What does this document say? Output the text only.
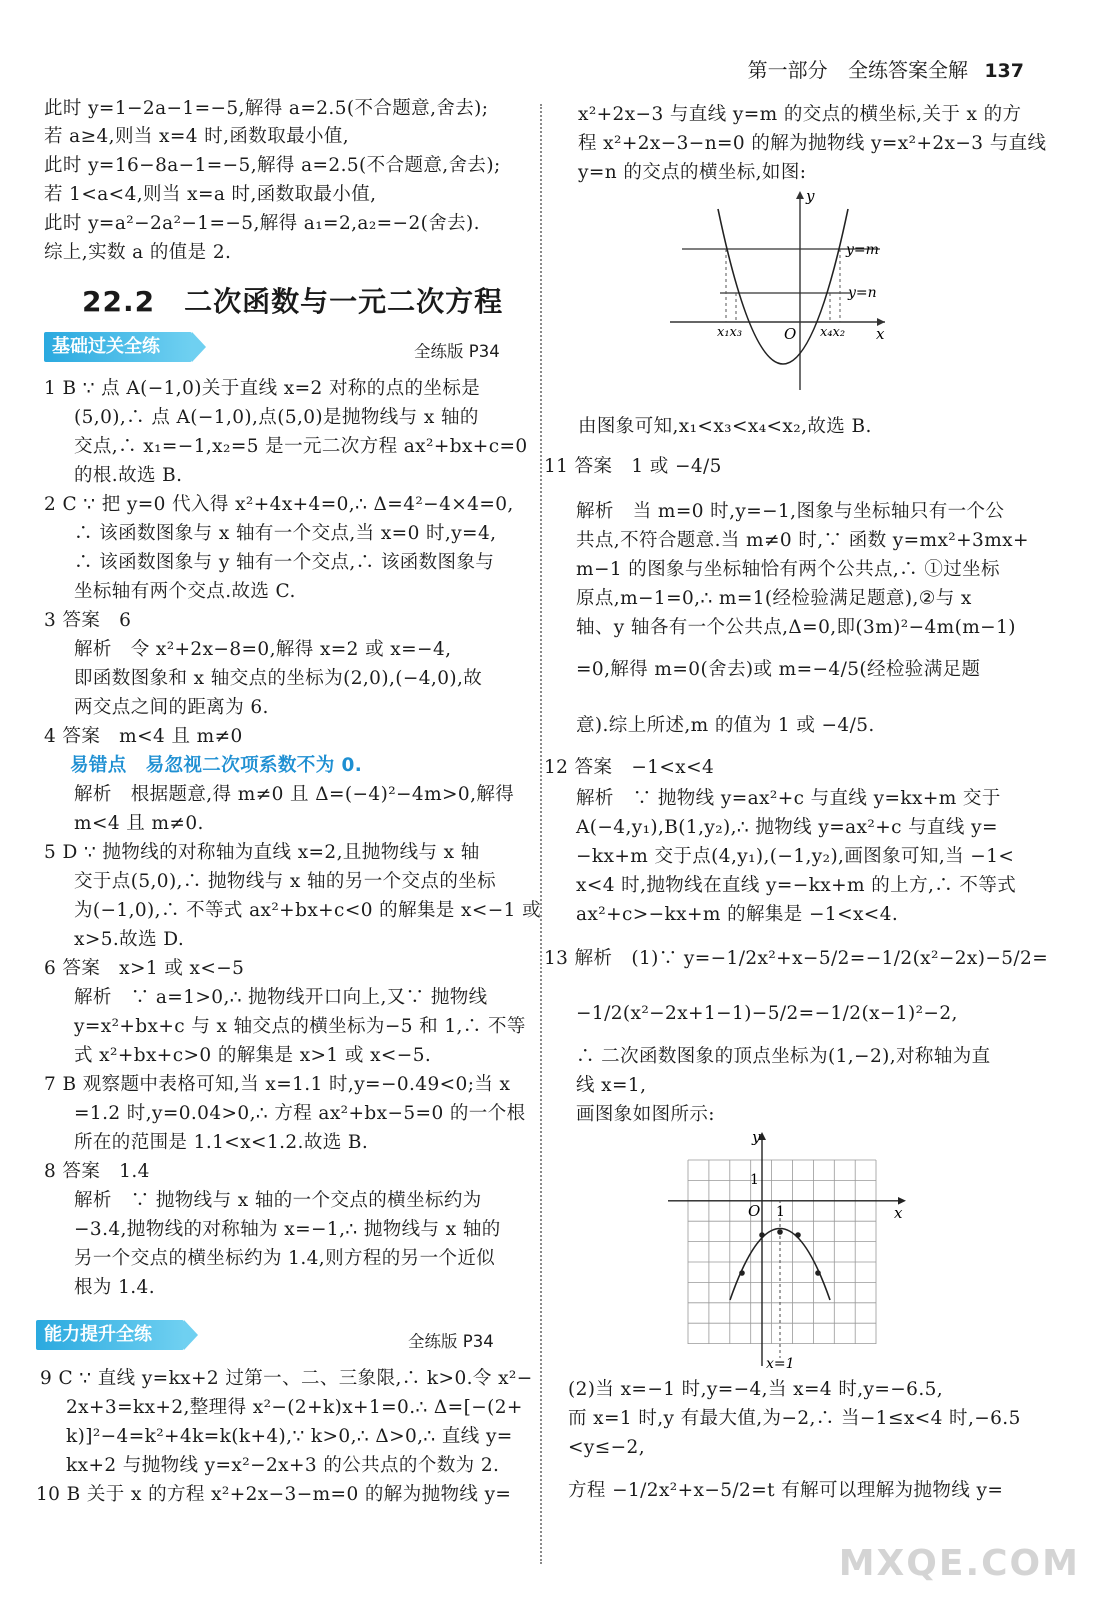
第一部分 全练答案全解 137
此时 y=1−2a−1=−5,解得 a=2.5(不合题意,舍去);
若 a≥4,则当 x=4 时,函数取最小值,
此时 y=16−8a−1=−5,解得 a=2.5(不合题意,舍去);
若 1<a<4,则当 x=a 时,函数取最小值,
此时 y=a²−2a²−1=−5,解得 a₁=2,a₂=−2(舍去).
综上,实数 a 的值是 2.
22.2　二次函数与一元二次方程
基础过关全练	全练版 P34
1 B ∵ 点 A(−1,0)关于直线 x=2 对称的点的坐标是
(5,0),∴ 点 A(−1,0),点(5,0)是抛物线与 x 轴的
交点,∴ x₁=−1,x₂=5 是一元二次方程 ax²+bx+c=0
的根.故选 B.
2 C ∵ 把 y=0 代入得 x²+4x+4=0,∴ Δ=4²−4×4=0,
∴ 该函数图象与 x 轴有一个交点,当 x=0 时,y=4,
∴ 该函数图象与 y 轴有一个交点,∴ 该函数图象与
坐标轴有两个交点.故选 C.
3 答案　6
解析　令 x²+2x−8=0,解得 x=2 或 x=−4,
即函数图象和 x 轴交点的坐标为(2,0),(−4,0),故
两交点之间的距离为 6.
4 答案　m<4 且 m≠0
易错点　易忽视二次项系数不为 0.
解析　根据题意,得 m≠0 且 Δ=(−4)²−4m>0,解得
m<4 且 m≠0.
5 D ∵ 抛物线的对称轴为直线 x=2,且抛物线与 x 轴
交于点(5,0),∴ 抛物线与 x 轴的另一个交点的坐标
为(−1,0),∴ 不等式 ax²+bx+c<0 的解集是 x<−1 或
x>5.故选 D.
6 答案　x>1 或 x<−5
解析　∵ a=1>0,∴ 抛物线开口向上,又∵ 抛物线
y=x²+bx+c 与 x 轴交点的横坐标为−5 和 1,∴ 不等
式 x²+bx+c>0 的解集是 x>1 或 x<−5.
7 B 观察题中表格可知,当 x=1.1 时,y=−0.49<0;当 x
=1.2 时,y=0.04>0,∴ 方程 ax²+bx−5=0 的一个根
所在的范围是 1.1<x<1.2.故选 B.
8 答案　1.4
解析　∵ 抛物线与 x 轴的一个交点的横坐标约为
−3.4,抛物线的对称轴为 x=−1,∴ 抛物线与 x 轴的
另一个交点的横坐标约为 1.4,则方程的另一个近似
根为 1.4.
能力提升全练	全练版 P34
9 C ∵ 直线 y=kx+2 过第一、二、三象限,∴ k>0.令 x²−
2x+3=kx+2,整理得 x²−(2+k)x+1=0.∴ Δ=[−(2+
k)]²−4=k²+4k=k(k+4),∵ k>0,∴ Δ>0,∴ 直线 y=
kx+2 与抛物线 y=x²−2x+3 的公共点的个数为 2.
10 B 关于 x 的方程 x²+2x−3−m=0 的解为抛物线 y=
x²+2x−3 与直线 y=m 的交点的横坐标,关于 x 的方
程 x²+2x−3−n=0 的解为抛物线 y=x²+2x−3 与直线
y=n 的交点的横坐标,如图:
y
y=m
y=n
O	x
x₁x₃	x₄x₂
由图象可知,x₁<x₃<x₄<x₂,故选 B.
11 答案　1 或 −4/5
解析　当 m=0 时,y=−1,图象与坐标轴只有一个公
共点,不符合题意.当 m≠0 时,∵ 函数 y=mx²+3mx+
m−1 的图象与坐标轴恰有两个公共点,∴ ①过坐标
原点,m−1=0,∴ m=1(经检验满足题意),②与 x
轴、y 轴各有一个公共点,Δ=0,即(3m)²−4m(m−1)
=0,解得 m=0(舍去)或 m=−4/5(经检验满足题
意).综上所述,m 的值为 1 或 −4/5.
12 答案　−1<x<4
解析　∵ 抛物线 y=ax²+c 与直线 y=kx+m 交于
A(−4,y₁),B(1,y₂),∴ 抛物线 y=ax²+c 与直线 y=
−kx+m 交于点(4,y₁),(−1,y₂),画图象可知,当 −1<
x<4 时,抛物线在直线 y=−kx+m 的上方,∴ 不等式
ax²+c>−kx+m 的解集是 −1<x<4.
13 解析　(1)∵ y=−1/2x²+x−5/2=−1/2(x²−2x)−5/2=
−1/2(x²−2x+1−1)−5/2=−1/2(x−1)²−2,
∴ 二次函数图象的顶点坐标为(1,−2),对称轴为直
线 x=1,
画图象如图所示:
y
1
O 1	x
x=1
(2)当 x=−1 时,y=−4,当 x=4 时,y=−6.5,
而 x=1 时,y 有最大值,为−2,∴ 当−1≤x<4 时,−6.5
<y≤−2,
方程 −1/2x²+x−5/2=t 有解可以理解为抛物线 y=
MXQE.COM
